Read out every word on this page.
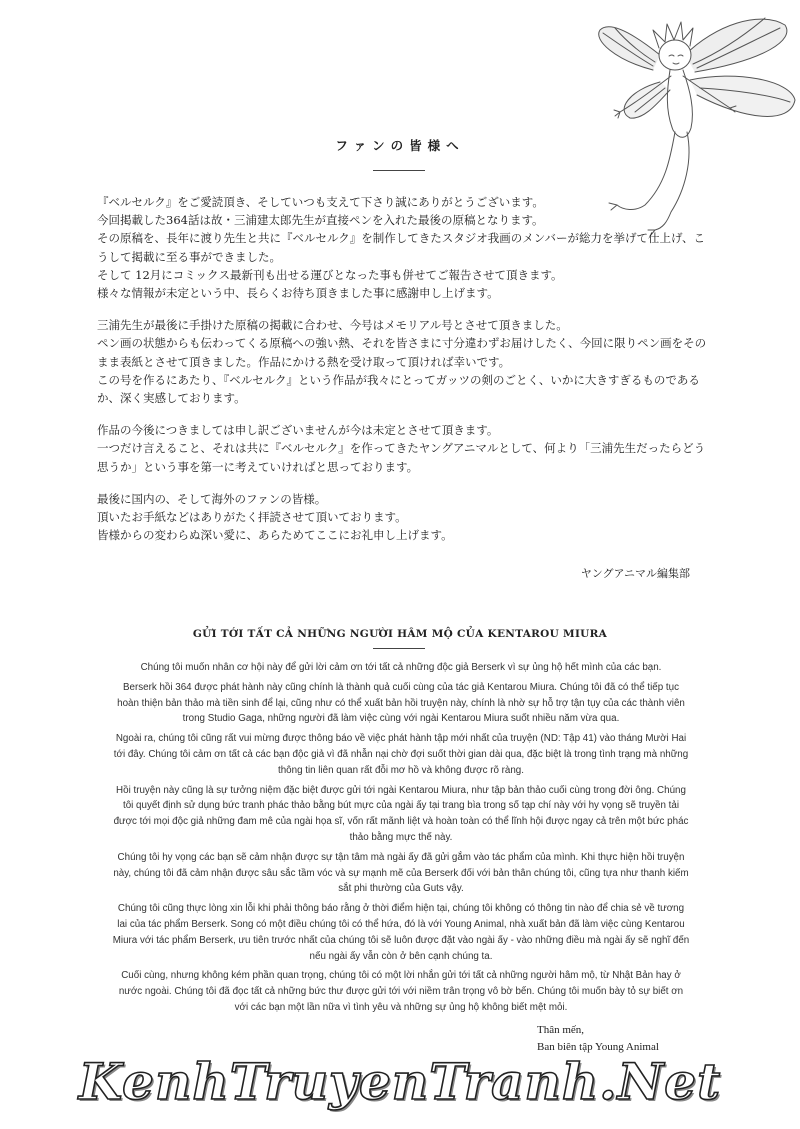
ファンの皆様へ

『ベルセルク』をご愛読頂き、そしていつも支えて下さり誠にありがとうございます。
今回掲載した364話は故・三浦建太郎先生が直接ペンを入れた最後の原稿となります。
その原稿を、長年に渡り先生と共に『ベルセルク』を制作してきたスタジオ我画のメンバーが総力を挙げて仕上げ、こうして掲載に至る事ができました。
そして 12月にコミックス最新刊も出せる運びとなった事も併せてご報告させて頂きます。
様々な情報が未定という中、長らくお待ち頂きました事に感謝申し上げます。

三浦先生が最後に手掛けた原稿の掲載に合わせ、今号はメモリアル号とさせて頂きました。
ペン画の状態からも伝わってくる原稿への強い熱、それを皆さまに寸分違わずお届けしたく、今回に限りペン画をそのまま表紙とさせて頂きました。作品にかける熱を受け取って頂ければ幸いです。
この号を作るにあたり、『ベルセルク』という作品が我々にとってガッツの剣のごとく、いかに大きすぎるものであるか、深く実感しております。

作品の今後につきましては申し訳ございませんが今は未定とさせて頂きます。
一つだけ言えること、それは共に『ベルセルク』を作ってきたヤングアニマルとして、何より「三浦先生だったらどう思うか」という事を第一に考えていければと思っております。

最後に国内の、そして海外のファンの皆様。
頂いたお手紙などはありがたく拝読させて頂いております。
皆様からの変わらぬ深い愛に、あらためてここにお礼申し上げます。

ヤングアニマル編集部
GỬI TỚI TẤT CẢ NHỮNG NGƯỜI HÂM MỘ CỦA KENTAROU MIURA

Chúng tôi muốn nhân cơ hội này để gửi lời cảm ơn tới tất cả những độc giả Berserk vì sự ủng hộ hết mình của các bạn.

Berserk hồi 364 được phát hành này cũng chính là thành quả cuối cùng của tác giả Kentarou Miura. Chúng tôi đã có thể tiếp tục hoàn thiện bản thảo mà tiền sinh để lại, cũng như có thể xuất bản hồi truyện này, chính là nhờ sự hỗ trợ tận tụy của các thành viên trong Studio Gaga, những người đã làm việc cùng với ngài Kentarou Miura suốt nhiều năm vừa qua.

Ngoài ra, chúng tôi cũng rất vui mừng được thông báo về việc phát hành tập mới nhất của truyện (ND: Tập 41) vào tháng Mười Hai tới đây. Chúng tôi cảm ơn tất cả các bạn độc giả vì đã nhẫn nại chờ đợi suốt thời gian dài qua, đặc biệt là trong tình trạng mà những thông tin liên quan rất đỗi mơ hồ và không được rõ ràng.

Hồi truyện này cũng là sự tưởng niệm đặc biệt được gửi tới ngài Kentarou Miura, như tập bản thảo cuối cùng trong đời ông. Chúng tôi quyết định sử dụng bức tranh phác thảo bằng bút mực của ngài ấy tại trang bìa trong số tạp chí này với hy vọng sẽ truyền tải được tới mọi độc giả những đam mê của ngài họa sĩ, vốn rất mãnh liệt và hoàn toàn có thể lĩnh hội được ngay cả trên một bức phác thảo bằng mực thế này.

Chúng tôi hy vọng các bạn sẽ cảm nhận được sự tận tâm mà ngài ấy đã gửi gắm vào tác phẩm của mình. Khi thực hiện hồi truyện này, chúng tôi đã cảm nhận được sâu sắc tầm vóc và sự mạnh mẽ của Berserk đối với bản thân chúng tôi, cũng tựa như thanh kiếm sắt phi thường của Guts vậy.

Chúng tôi cũng thực lòng xin lỗi khi phải thông báo rằng ở thời điểm hiện tại, chúng tôi không có thông tin nào để chia sẻ về tương lai của tác phẩm Berserk. Song có một điều chúng tôi có thể hứa, đó là với Young Animal, nhà xuất bản đã làm việc cùng Kentarou Miura với tác phẩm Berserk, ưu tiên trước nhất của chúng tôi sẽ luôn được đặt vào ngài ấy - vào những điều mà ngài ấy sẽ nghĩ đến nếu ngài ấy vẫn còn ở bên cạnh chúng ta.

Cuối cùng, nhưng không kém phần quan trọng, chúng tôi có một lời nhắn gửi tới tất cả những người hâm mộ, từ Nhật Bản hay ở nước ngoài. Chúng tôi đã đọc tất cả những bức thư được gửi tới với niềm trân trọng vô bờ bến. Chúng tôi muốn bày tỏ sự biết ơn với các bạn một lần nữa vì tình yêu và những sự ủng hộ không biết mệt mỏi.

Thân mến,
Ban biên tập Young Animal
KenhTruyenTranh.Net
